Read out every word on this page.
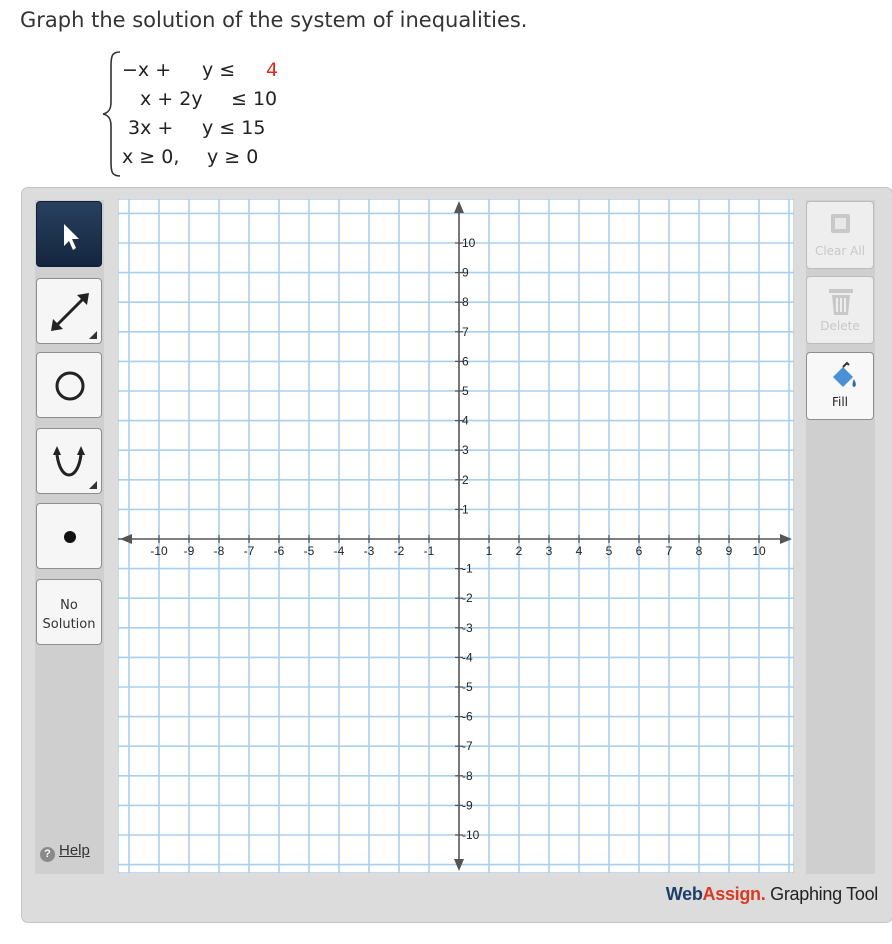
Graph the solution of the system of inequalities.

−x +

y ≤

4

x + 2y

≤ 10

3x +

y ≤ 15

x ≥ 0,

y ≥ 0

No
Solution
? Help
Clear All
Delete
Fill
-10 -9 -8 -7 -6 -5 -4 -3 -2 -1	1 2 3 4 5 6 7 8 9 10
10
9
8
7
6
5
4
3
2
1
-1
-2
-3
-4
-5
-6
-7
-8
-9
-10
WebAssign. Graphing Tool
